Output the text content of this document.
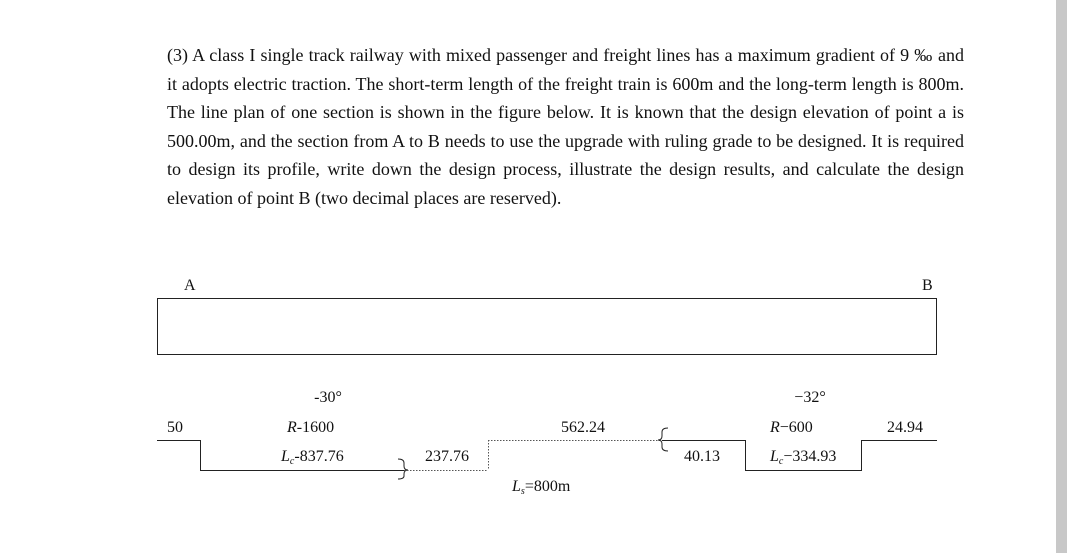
(3) A class I single track railway with mixed passenger and freight lines has a maximum gradient of 9 ‰ and it adopts electric traction. The short-term length of the freight train is 600m and the long-term length is 800m. The line plan of one section is shown in the figure below. It is known that the design elevation of point a is 500.00m, and the section from A to B needs to use the upgrade with ruling grade to be designed. It is required to design its profile, write down the design process, illustrate the design results, and calculate the design elevation of point B (two decimal places are reserved).

A	B
50
-30°
R-1600
$L_c-837.76$	237.76
562.24
$L_s=800m$
40.13
−32°
R−600
$L_c-334.93$
24.94
